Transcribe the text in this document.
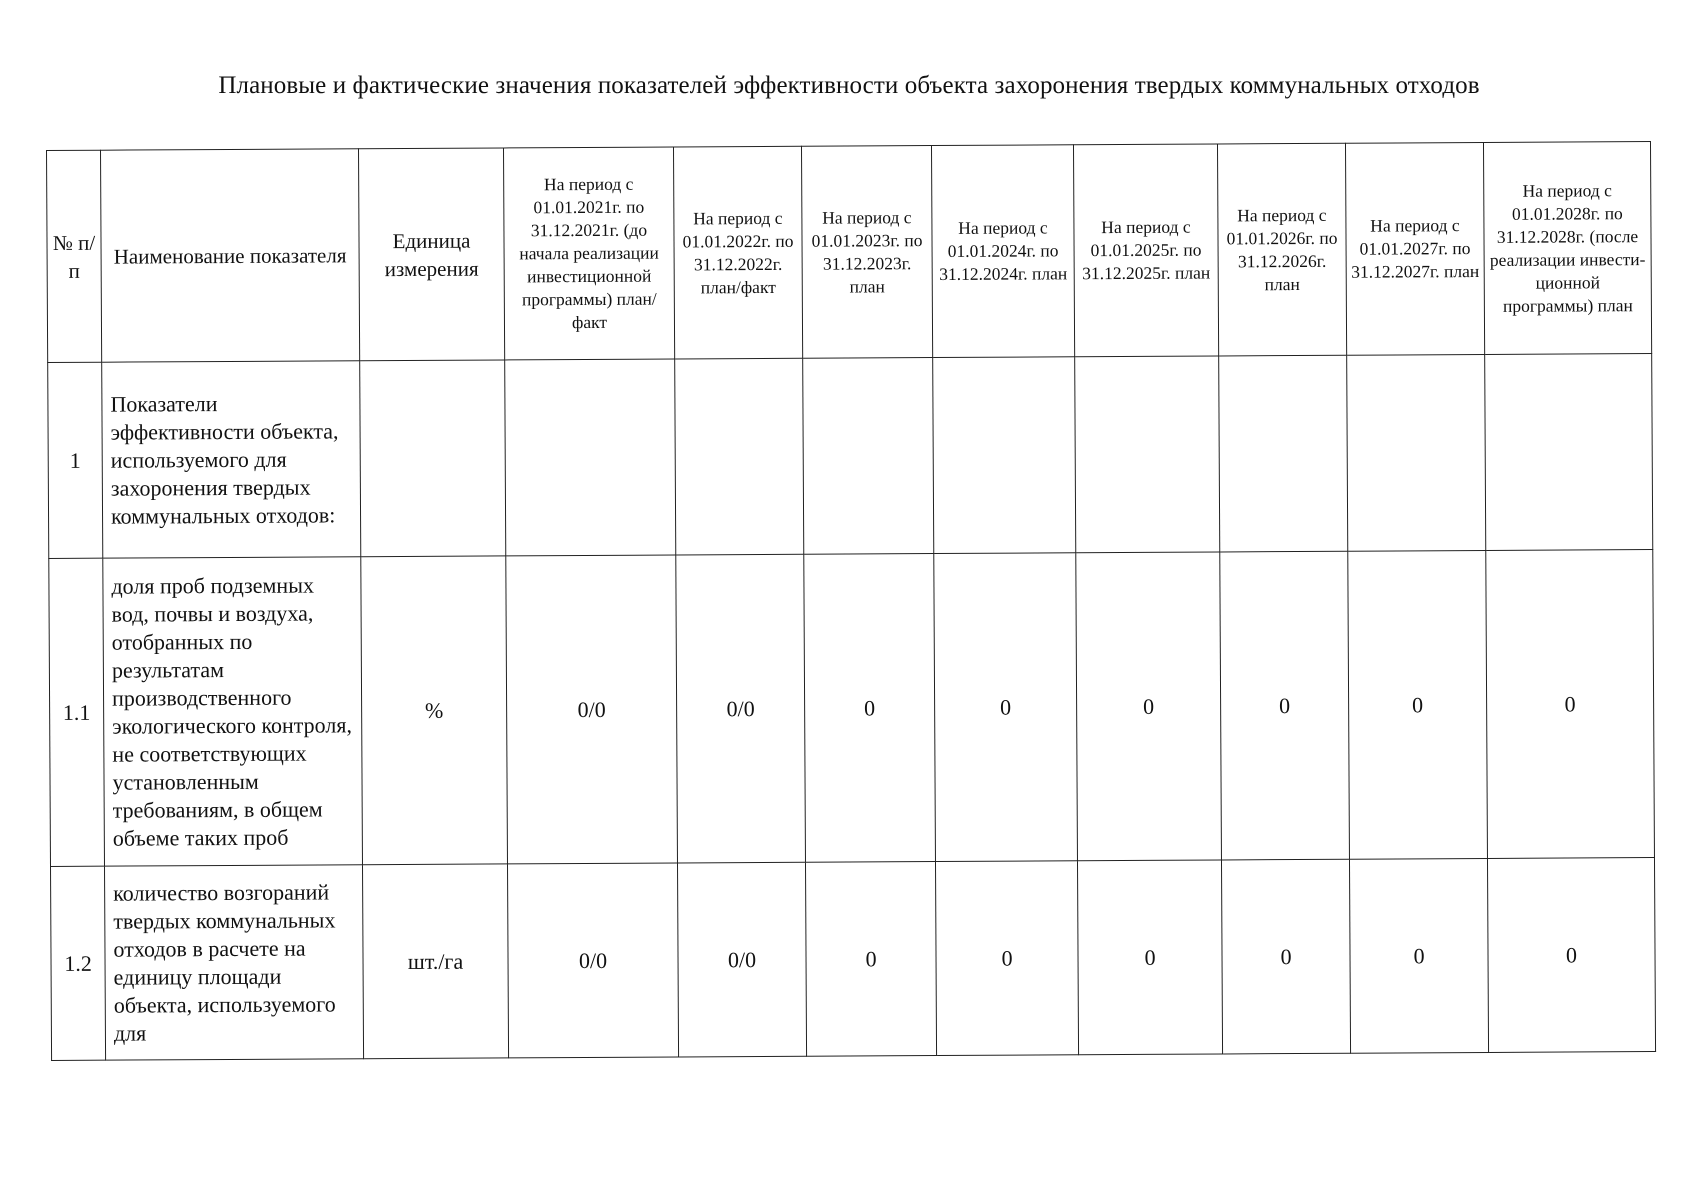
Плановые и фактические значения показателей эффективности объекта захоронения твердых коммунальных отходов
№ п/п	Наименование показателя	Единица измерения	На период с 01.01.2021г. по 31.12.2021г. (до начала реализации инвестиционной программы) план/факт	На период с 01.01.2022г. по 31.12.2022г. план/факт	На период с 01.01.2023г. по 31.12.2023г. план	На период с 01.01.2024г. по 31.12.2024г. план	На период с 01.01.2025г. по 31.12.2025г. план	На период с 01.01.2026г. по 31.12.2026г. план	На период с 01.01.2027г. по 31.12.2027г. план	На период с 01.01.2028г. по 31.12.2028г. (после реализации инвести-ционной программы) план
1	Показатели эффективности объекта, используемого для захоронения твердых коммунальных отходов:									
1.1	доля проб подземных вод, почвы и воздуха, отобранных по результатам производственного экологического контроля, не соответствующих установленным требованиям, в общем объеме таких проб	%	0/0	0/0	0	0	0	0	0	0
1.2	количество возгораний твердых коммунальных отходов в расчете на единицу площади объекта, используемого для	шт./га	0/0	0/0	0	0	0	0	0	0
